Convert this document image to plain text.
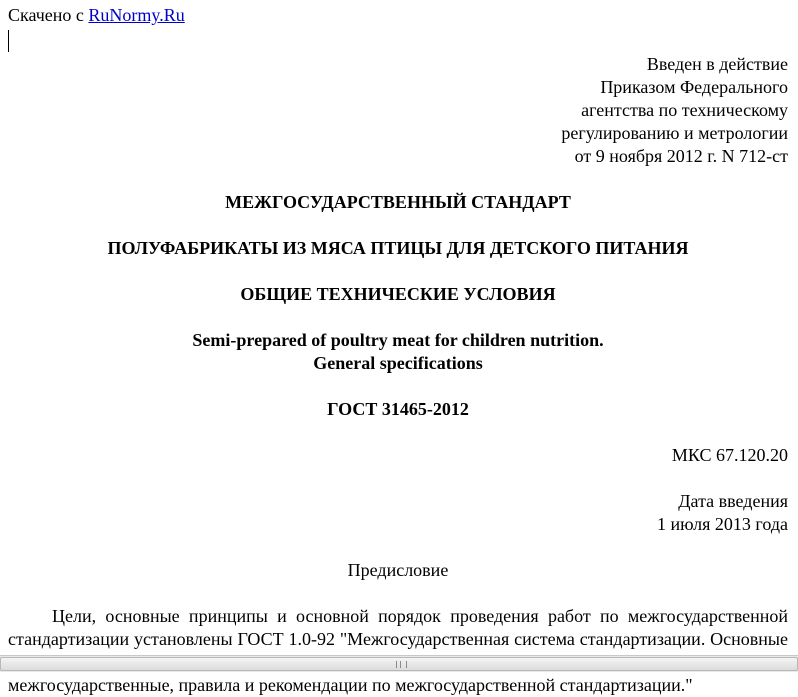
Скачено с RuNormy.Ru
Введен в действие
Приказом Федерального
агентства по техническому
регулированию и метрологии
от 9 ноября 2012 г. N 712-ст
МЕЖГОСУДАРСТВЕННЫЙ СТАНДАРТ
ПОЛУФАБРИКАТЫ ИЗ МЯСА ПТИЦЫ ДЛЯ ДЕТСКОГО ПИТАНИЯ
ОБЩИЕ ТЕХНИЧЕСКИЕ УСЛОВИЯ
Semi-prepared of poultry meat for children nutrition.
General specifications
ГОСТ 31465-2012
МКС 67.120.20
Дата введения
1 июля 2013 года
Предисловие
Цели, основные принципы и основной порядок проведения работ по межгосударственной стандартизации установлены ГОСТ 1.0-92 "Межгосударственная система стандартизации. Основные межгосударственные, правила и рекомендации по межгосударственной стандартизации."
